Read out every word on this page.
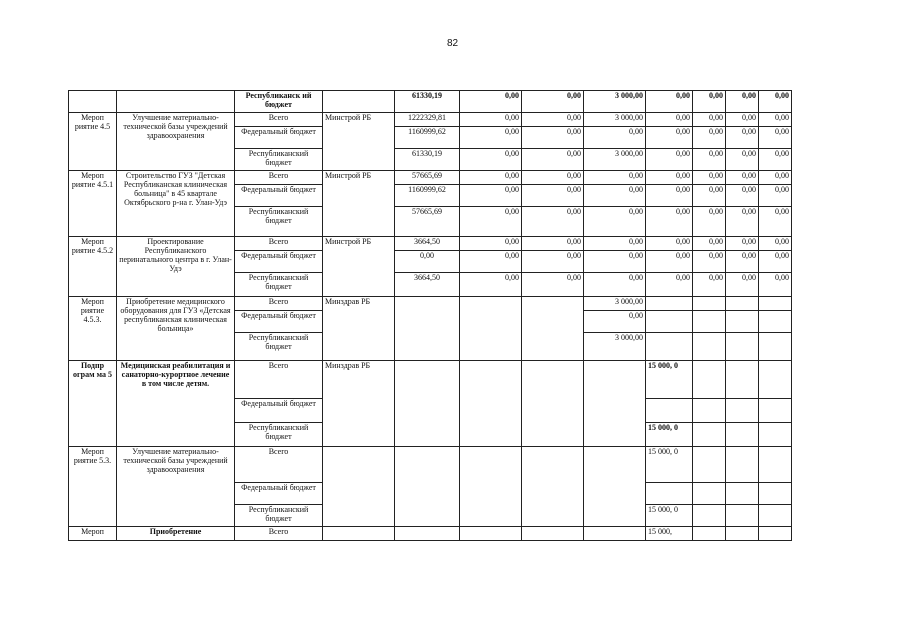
82
		Республиканск ий бюджет		61330,19	0,00	0,00	3 000,00	0,00	0,00	0,00	0,00
Мероп риятие 4.5	Улучшение материально-технической базы учреждений здравоохранения	Всего	Минстрой РБ	1222329,81	0,00	0,00	3 000,00	0,00	0,00	0,00	0,00
		Федеральный бюджет		1160999,62	0,00	0,00	0,00	0,00	0,00	0,00	0,00
		Республиканский бюджет		61330,19	0,00	0,00	3 000,00	0,00	0,00	0,00	0,00
Мероп риятие 4.5.1	Строительство ГУЗ "Детская Республиканская клиническая больница" в 45 квартале Октябрьского р-на г. Улан-Удэ	Всего	Минстрой РБ	57665,69	0,00	0,00	0,00	0,00	0,00	0,00	0,00
		Федеральный бюджет		1160999,62	0,00	0,00	0,00	0,00	0,00	0,00	0,00
		Республиканский бюджет		57665,69	0,00	0,00	0,00	0,00	0,00	0,00	0,00
Мероп риятие 4.5.2	Проектирование Республиканского перинатального центра в г. Улан-Удэ	Всего	Минстрой РБ	3664,50	0,00	0,00	0,00	0,00	0,00	0,00	0,00
		Федеральный бюджет		0,00	0,00	0,00	0,00	0,00	0,00	0,00	0,00
		Республиканский бюджет		3664,50	0,00	0,00	0,00	0,00	0,00	0,00	0,00
Мероп риятие 4.5.3.	Приобретение медицинского оборудования для ГУЗ «Детская республиканская клиническая больница»	Всего	Минздрав РБ				3 000,00				
		Федеральный бюджет					0,00				
		Республиканский бюджет					3 000,00				
Подпр ограм ма 5	Медицинская реабилитация и санаторно-курортное лечение в том числе детям.	Всего	Минздрав РБ					15 000, 0			
		Федеральный бюджет									
		Республиканский бюджет						15 000, 0			
Мероп риятие 5.3.	Улучшение материально-технической базы учреждений здравоохранения	Всего						15 000, 0			
		Федеральный бюджет									
		Республиканский бюджет						15 000, 0			
Мероп	Приобретение	Всего						15 000,			
